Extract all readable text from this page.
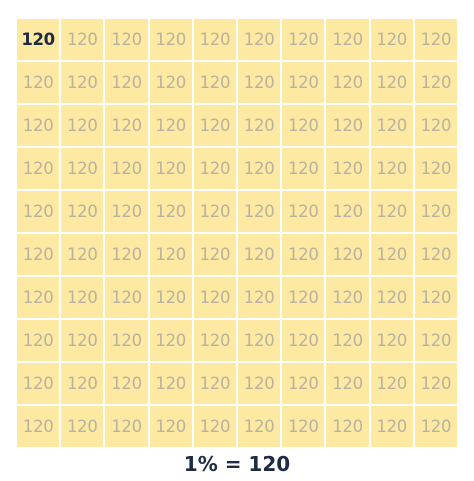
120 120 120 120 120 120 120 120 120 120
120 120 120 120 120 120 120 120 120 120
120 120 120 120 120 120 120 120 120 120
120 120 120 120 120 120 120 120 120 120
120 120 120 120 120 120 120 120 120 120
120 120 120 120 120 120 120 120 120 120
120 120 120 120 120 120 120 120 120 120
120 120 120 120 120 120 120 120 120 120
120 120 120 120 120 120 120 120 120 120
120 120 120 120 120 120 120 120 120 120
1% = 120
